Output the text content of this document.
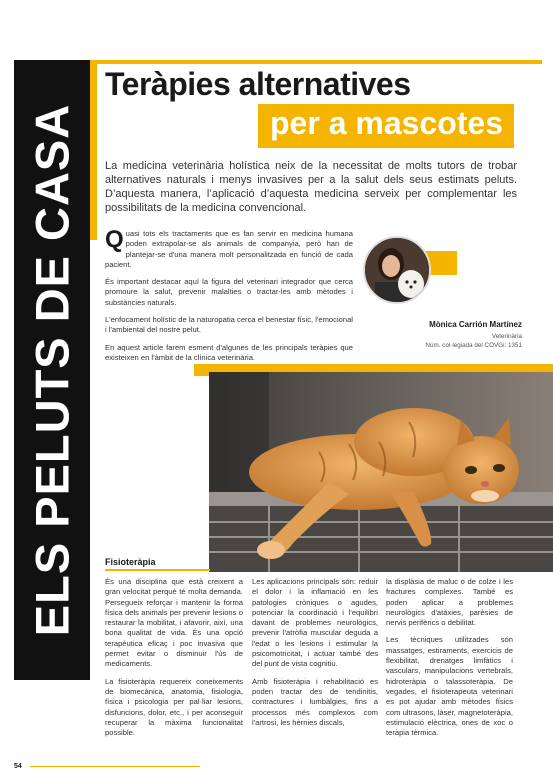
ELS PELUTS DE CASA
Teràpies alternatives
per a mascotes
La medicina veterinària holística neix de la necessitat de molts tutors de trobar alternatives naturals i menys invasives per a la salut dels seus estimats peluts. D’aquesta manera, l’aplicació d’aquesta medicina serveix per complementar les possibilitats de la medicina convencional.

Quasi tots els tractaments que es fan servir en medicina humana poden extrapolar-se als animals de companyia, però han de plantejar-se d'una manera molt personalitzada en funció de cada pacient.

És important destacar aquí la figura del veterinari integrador que cerca promoure la salut, prevenir malalties o tractar-les amb mètodes i substàncies naturals.

L'enfocament holístic de la naturopatia cerca el benestar físic, l'emocional i l'ambiental del nostre pelut.

En aquest article farem esment d'algunes de les principals teràpies que existeixen en l'àmbit de la clínica veterinària.

Mònica Carrión Martínez
Veterinària
Núm. col·legiada del COVGi: 1351
Fisioteràpia

És una disciplina que està creixent a gran velocitat perquè té molta demanda. Persegueix reforçar i mantenir la forma física dels animals per prevenir lesions o restaurar la mobilitat, i afavorir, així, una bona qualitat de vida. És una opció terapèutica eficaç i poc invasiva que permet evitar o disminuir l'ús de medicaments.

La fisioteràpia requereix coneixements de biomecànica, anatomia, fisiologia, física i psicologia per pal·liar lesions, disfuncions, dolor, etc., i per aconseguir recuperar la màxima funcionalitat possible.

Les aplicacions principals són: reduir el dolor i la inflamació en les patologies cròniques o agudes, potenciar la coordinació i l'equilibri davant de problemes neurològics, prevenir l'atròfia muscular deguda a l'edat o les lesions i estimular la psicomotricitat, i actuar també des del punt de vista cognitiu.

Amb fisioteràpia i rehabilitació es poden tractar des de tendinitis, contractures i lumbàlgies, fins a processos més complexos com l'artrosi, les hèrnies discals,

la displàsia de maluc o de colze i les fractures complexes. També es poden aplicar a problemes neurològics d'atàxies, parèsies de nervis perifèrics o debilitat.

Les tècniques utilitzades són massatges, estiraments, exercicis de flexibilitat, drenatges limfàtics i vasculars, manipulacions vertebrals, hidroteràpia o talassoteràpia. De vegades, el fisioterapeuta veterinari es pot ajudar amb mètodes físics com ultrasons, làser, magnetoteràpia, estimulació elèctrica, ones de xoc o teràpia tèrmica.

54
